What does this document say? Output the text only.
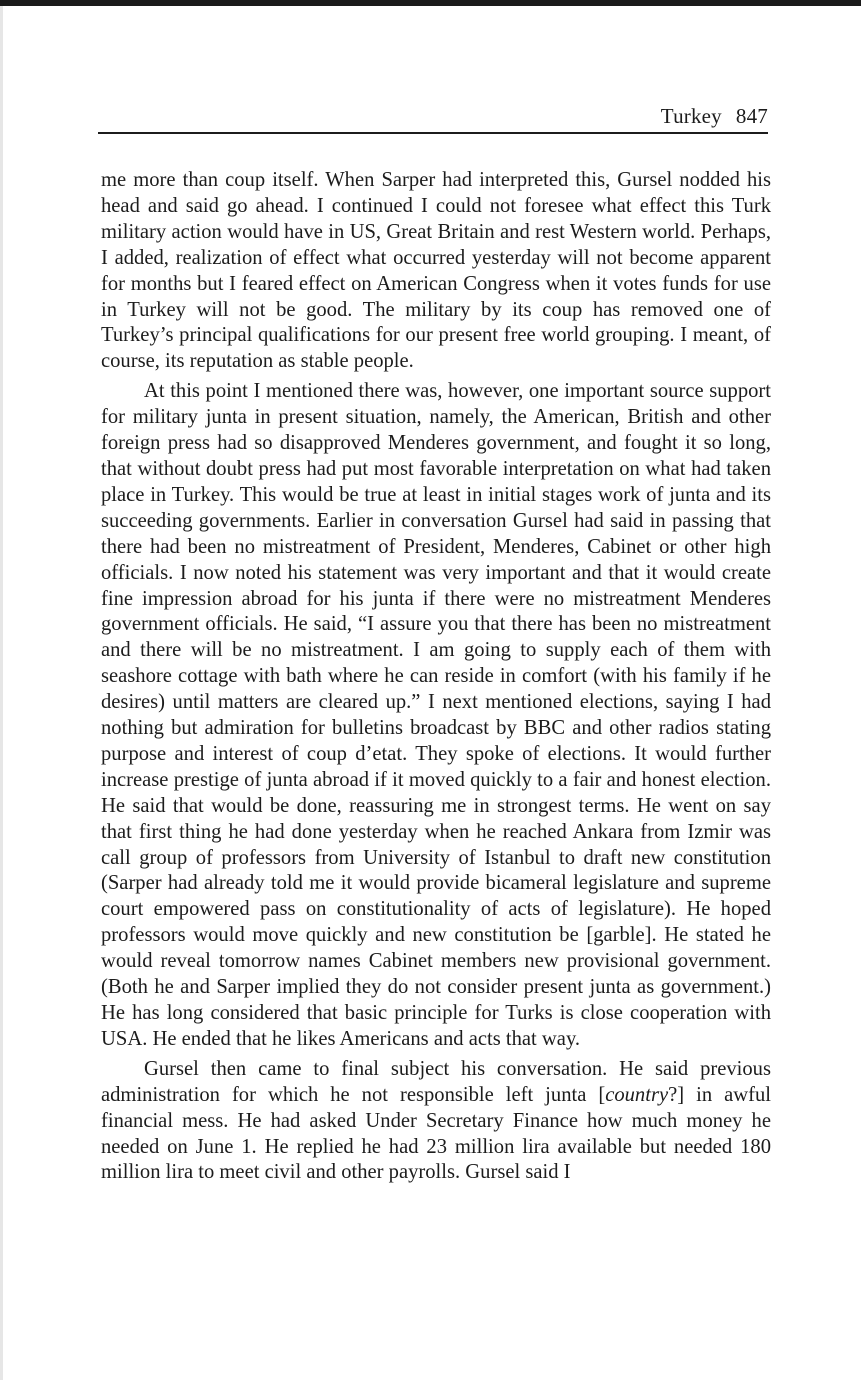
Turkey 847

me more than coup itself. When Sarper had interpreted this, Gursel nodded his head and said go ahead. I continued I could not foresee what effect this Turk military action would have in US, Great Britain and rest Western world. Perhaps, I added, realization of effect what occurred yesterday will not become apparent for months but I feared effect on American Congress when it votes funds for use in Turkey will not be good. The military by its coup has removed one of Turkey’s principal qualifications for our present free world grouping. I meant, of course, its reputation as stable people.

At this point I mentioned there was, however, one important source support for military junta in present situation, namely, the American, British and other foreign press had so disapproved Menderes government, and fought it so long, that without doubt press had put most favorable interpretation on what had taken place in Turkey. This would be true at least in initial stages work of junta and its succeeding governments. Earlier in conversation Gursel had said in passing that there had been no mistreatment of President, Menderes, Cabinet or other high officials. I now noted his statement was very important and that it would create fine impression abroad for his junta if there were no mistreatment Menderes government officials. He said, “I assure you that there has been no mistreatment and there will be no mistreatment. I am going to supply each of them with seashore cottage with bath where he can reside in comfort (with his family if he desires) until matters are cleared up.” I next mentioned elections, saying I had nothing but admiration for bulletins broadcast by BBC and other radios stating purpose and interest of coup d’etat. They spoke of elections. It would further increase prestige of junta abroad if it moved quickly to a fair and honest election. He said that would be done, reassuring me in strongest terms. He went on say that first thing he had done yesterday when he reached Ankara from Izmir was call group of professors from University of Istanbul to draft new constitution (Sarper had already told me it would provide bicameral legislature and supreme court empowered pass on constitutionality of acts of legislature). He hoped professors would move quickly and new constitution be [garble]. He stated he would reveal tomorrow names Cabinet members new provisional government. (Both he and Sarper implied they do not consider present junta as government.) He has long considered that basic principle for Turks is close cooperation with USA. He ended that he likes Americans and acts that way.

Gursel then came to final subject his conversation. He said previous administration for which he not responsible left junta [country?] in awful financial mess. He had asked Under Secretary Finance how much money he needed on June 1. He replied he had 23 million lira available but needed 180 million lira to meet civil and other payrolls. Gursel said I
